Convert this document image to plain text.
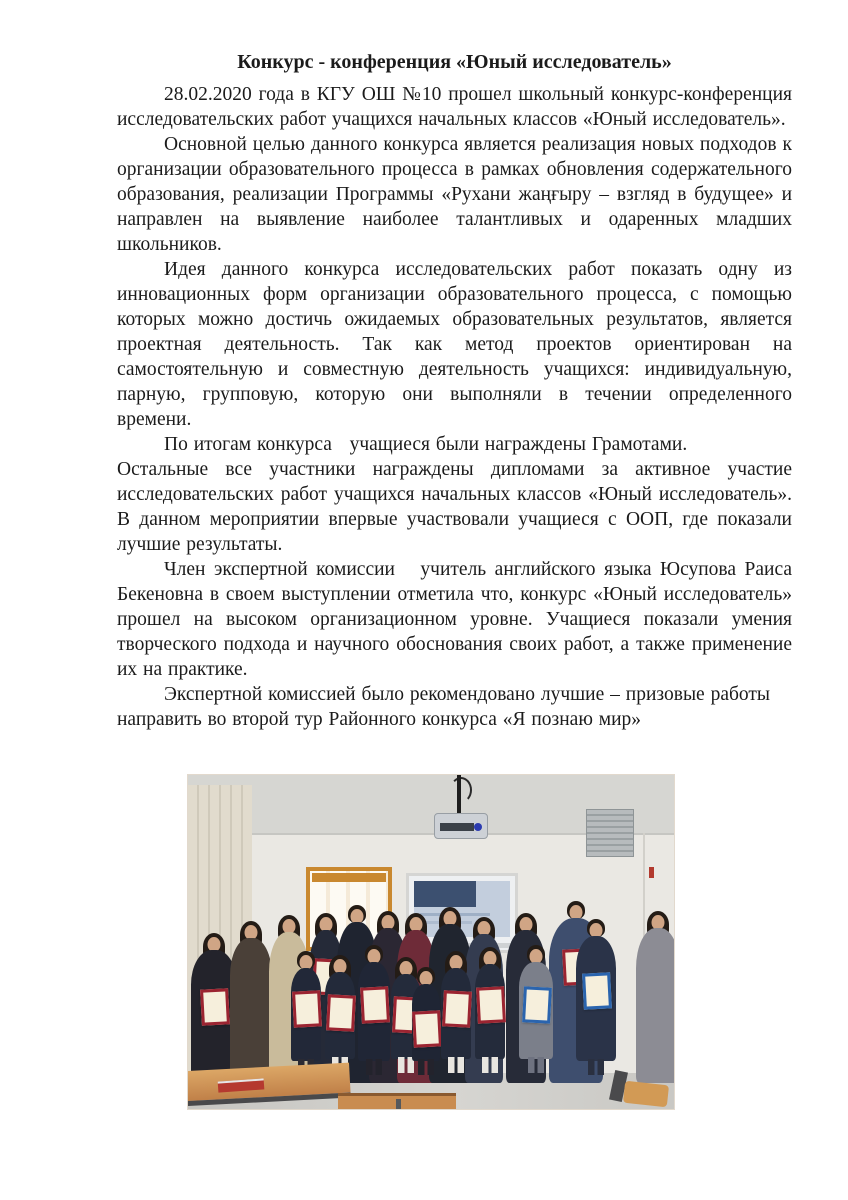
Конкурс - конференция «Юный исследователь»

28.02.2020 года в КГУ ОШ №10 прошел школьный конкурс-конференция исследовательских работ учащихся начальных классов «Юный исследователь».

Основной целью данного конкурса является реализация новых подходов к организации образовательного процесса в рамках обновления содержательного образования, реализации Программы «Рухани жаңғыру – взгляд в будущее» и направлен на выявление наиболее талантливых и одаренных младших школьников.

Идея данного конкурса исследовательских работ показать одну из инновационных форм организации образовательного процесса, с помощью которых можно достичь ожидаемых образовательных результатов, является проектная деятельность. Так как метод проектов ориентирован на самостоятельную и совместную деятельность учащихся: индивидуальную, парную, групповую, которую они выполняли в течении определенного времени.

По итогам конкурса   учащиеся были награждены Грамотами.

Остальные все участники награждены дипломами за активное участие исследовательских работ учащихся начальных классов «Юный исследователь». В данном мероприятии впервые участвовали учащиеся с ООП, где показали лучшие результаты.

Член экспертной комиссии   учитель английского языка Юсупова Раиса Бекеновна в своем выступлении отметила что, конкурс «Юный исследователь» прошел на высоком организационном уровне. Учащиеся показали умения творческого подхода и научного обоснования своих работ, а также применение их на практике.

Экспертной комиссией было рекомендовано лучшие – призовые работы направить во второй тур Районного конкурса «Я познаю мир»
